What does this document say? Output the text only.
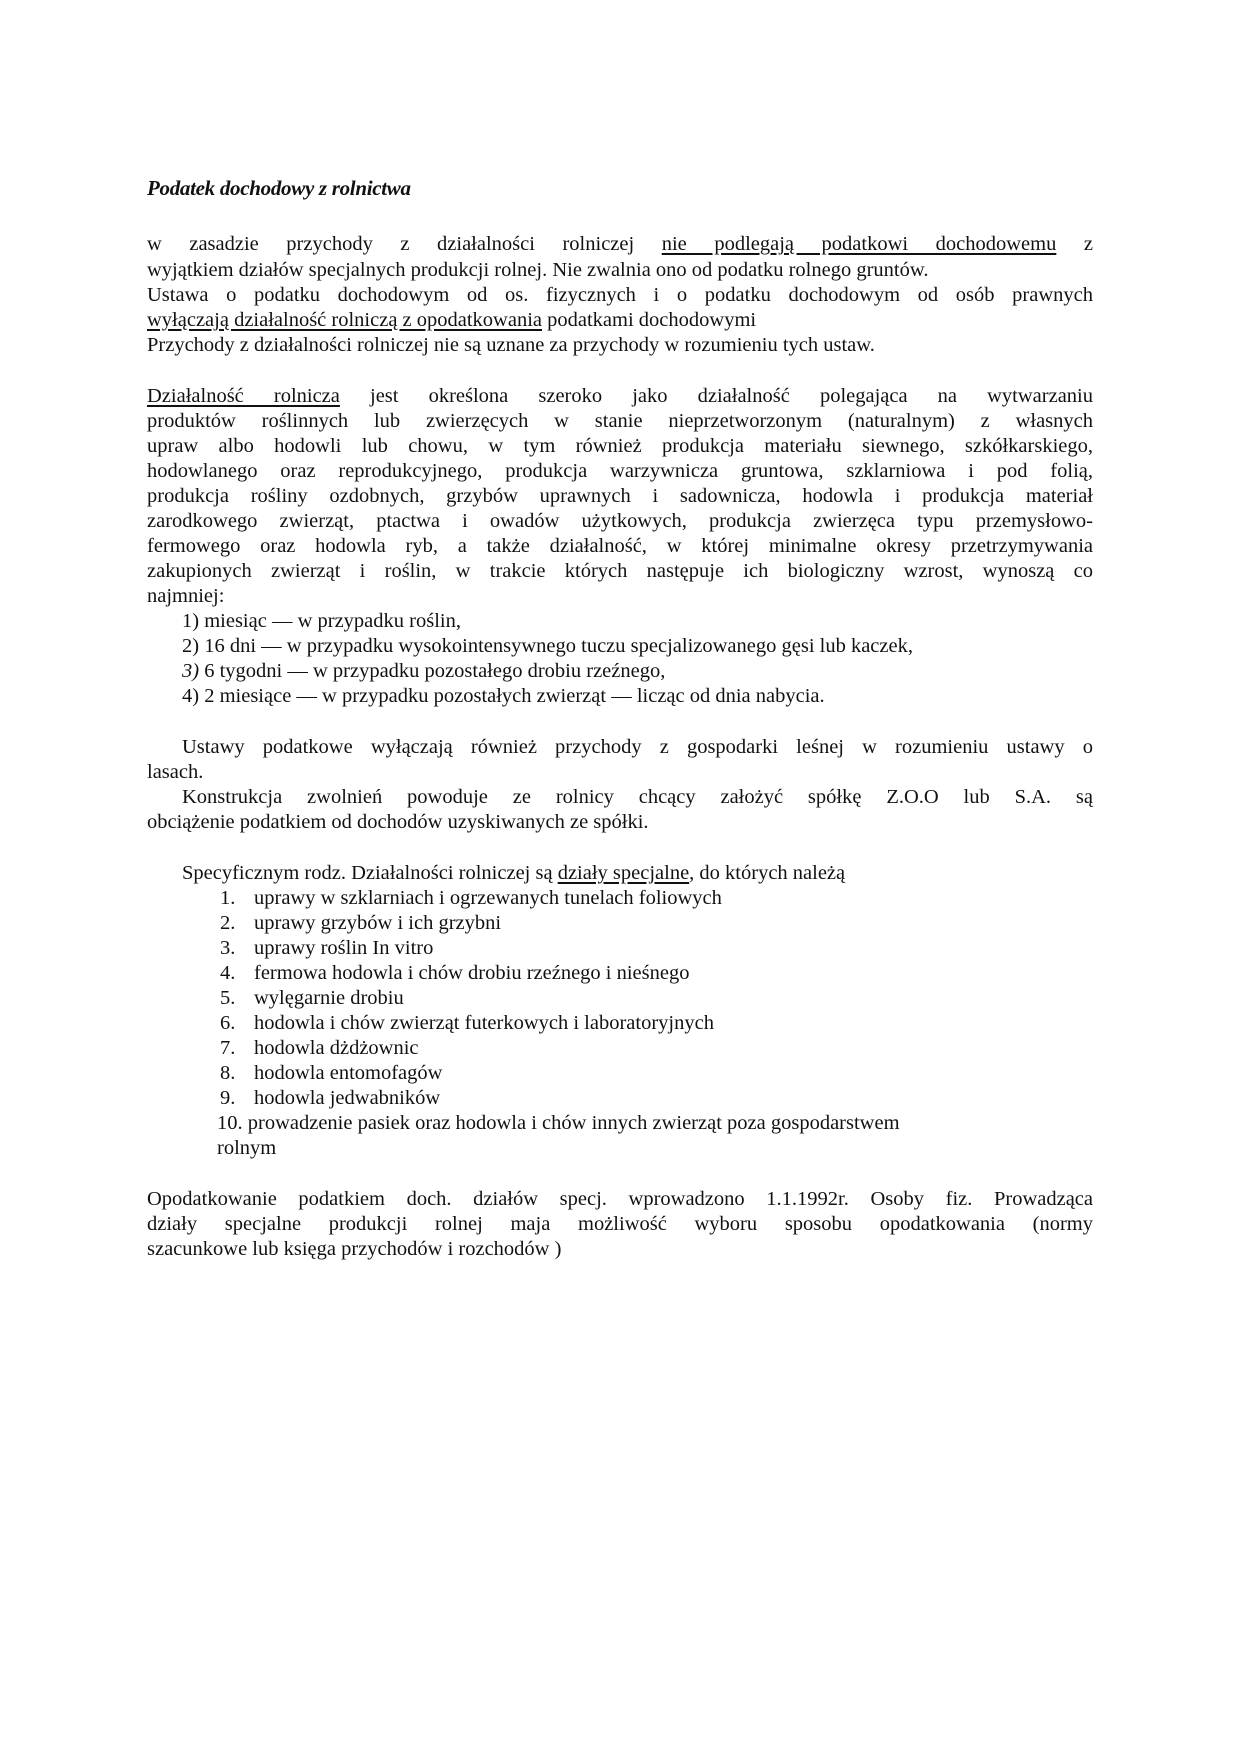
Podatek dochodowy z rolnictwa
w zasadzie przychody z działalności rolniczej nie podlegają podatkowi dochodowemu z
wyjątkiem działów specjalnych produkcji rolnej. Nie zwalnia ono od podatku rolnego gruntów.
Ustawa o podatku dochodowym od os. fizycznych i o podatku dochodowym od osób prawnych
wyłączają działalność rolniczą z opodatkowania podatkami dochodowymi
Przychody z działalności rolniczej nie są uznane za przychody w rozumieniu tych ustaw.
Działalność rolnicza jest określona szeroko jako działalność polegająca na wytwarzaniu
produktów roślinnych lub zwierzęcych w stanie nieprzetworzonym (naturalnym) z własnych
upraw albo hodowli lub chowu, w tym również produkcja materiału siewnego, szkółkarskiego,
hodowlanego oraz reprodukcyjnego, produkcja warzywnicza gruntowa, szklarniowa i pod folią,
produkcja rośliny ozdobnych, grzybów uprawnych i sadownicza, hodowla i produkcja materiał
zarodkowego zwierząt, ptactwa i owadów użytkowych, produkcja zwierzęca typu przemysłowo-
fermowego oraz hodowla ryb, a także działalność, w której minimalne okresy przetrzymywania
zakupionych zwierząt i roślin, w trakcie których następuje ich biologiczny wzrost, wynoszą co
najmniej:
1) miesiąc — w przypadku roślin,
2) 16 dni — w przypadku wysokointensywnego tuczu specjalizowanego gęsi lub kaczek,
3) 6 tygodni — w przypadku pozostałego drobiu rzeźnego,
4) 2 miesiące — w przypadku pozostałych zwierząt — licząc od dnia nabycia.
Ustawy podatkowe wyłączają również przychody z gospodarki leśnej w rozumieniu ustawy o
lasach.
Konstrukcja zwolnień powoduje ze rolnicy chcący założyć spółkę Z.O.O lub S.A. są
obciążenie podatkiem od dochodów uzyskiwanych ze spółki.
Specyficznym rodz. Działalności rolniczej są działy specjalne, do których należą
1. uprawy w szklarniach i ogrzewanych tunelach foliowych
2. uprawy grzybów i ich grzybni
3. uprawy roślin In vitro
4. fermowa hodowla i chów drobiu rzeźnego i nieśnego
5. wylęgarnie drobiu
6. hodowla i chów zwierząt futerkowych i laboratoryjnych
7. hodowla dżdżownic
8. hodowla entomofagów
9. hodowla jedwabników
10. prowadzenie pasiek oraz hodowla i chów innych zwierząt poza gospodarstwem
rolnym
Opodatkowanie podatkiem doch. działów specj. wprowadzono 1.1.1992r. Osoby fiz. Prowadząca
działy specjalne produkcji rolnej maja możliwość wyboru sposobu opodatkowania (normy
szacunkowe lub księga przychodów i rozchodów )
